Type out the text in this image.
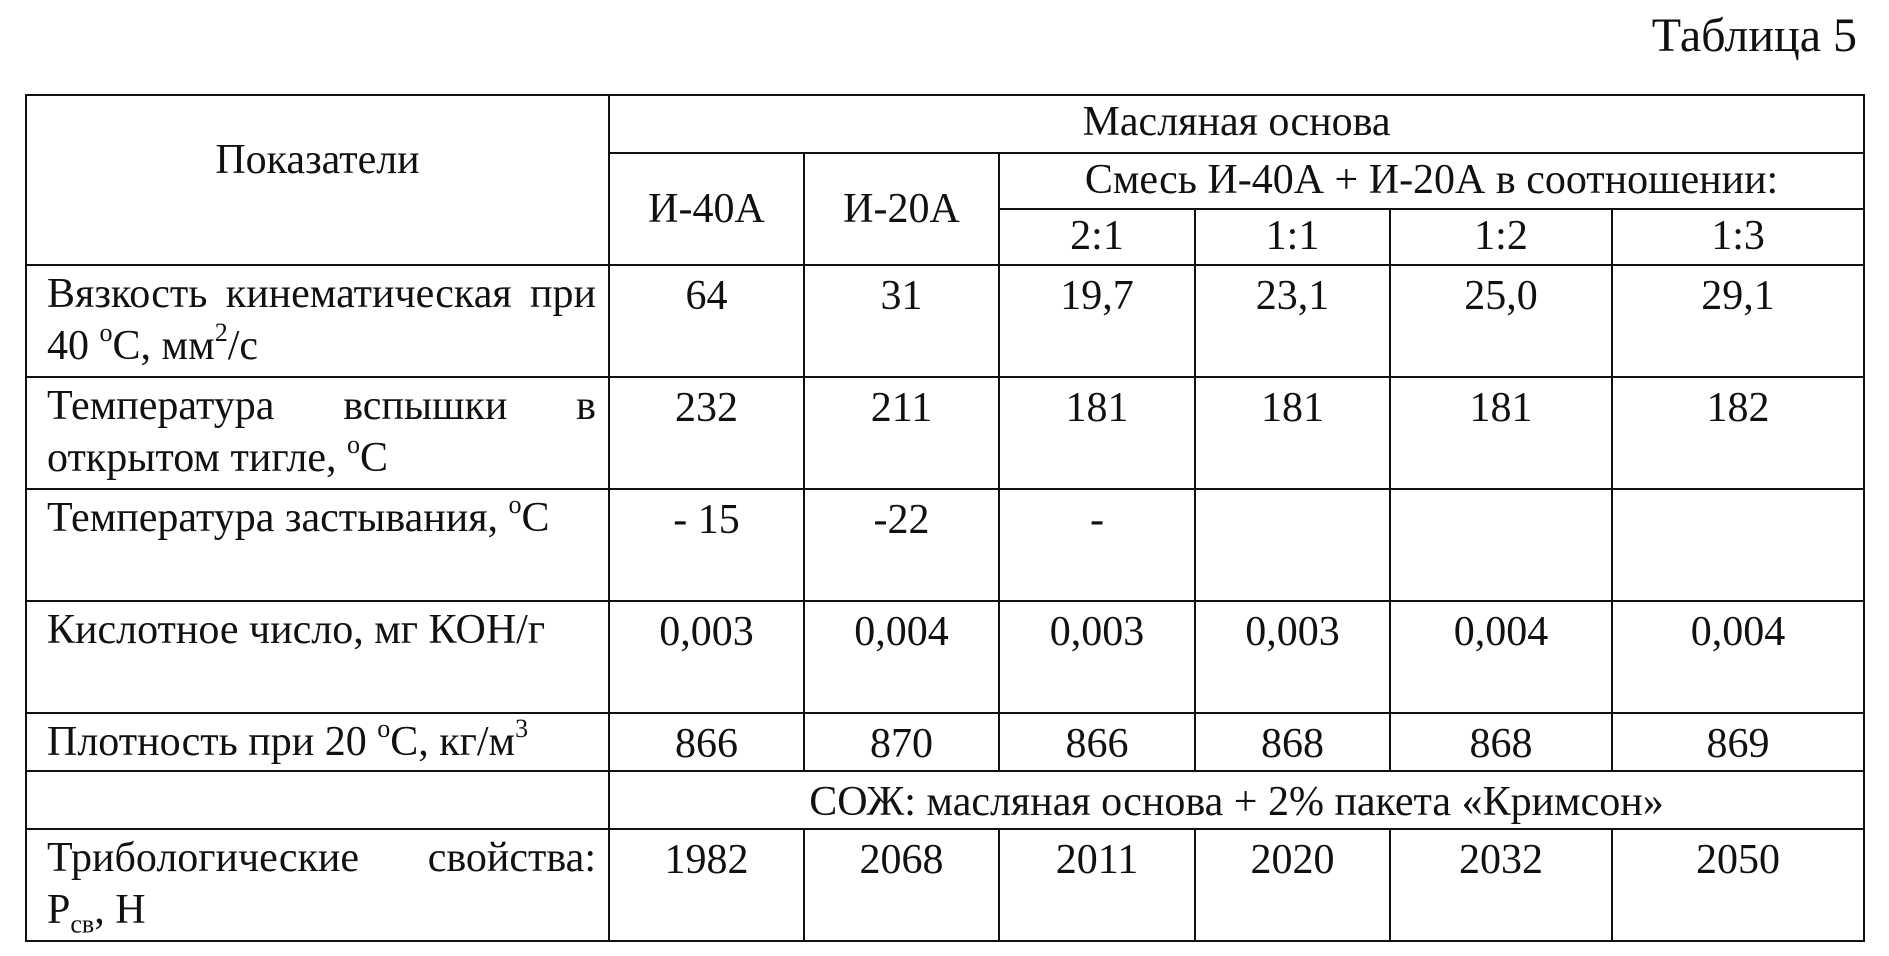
Таблица 5
Показатели	Масляная основа					
	И-40А	И-20А	Смесь И-40А + И-20А в соотношении:			
			2:1	1:1	1:2	1:3
Вязкость кинематическая при 40 $^о$С, $мм^2/с$	64	31	19,7	23,1	25,0	29,1
Температура вспышки в открытом тигле, $^о$С	232	211	181	181	181	182
Температура застывания, $^о$С	- 15	-22	-			
Кислотное число, мг КОН/г	0,003	0,004	0,003	0,003	0,004	0,004
Плотность при 20 $^о$С, $кг/м^3$	866	870	866	868	868	869
	СОЖ: масляная основа + 2% пакета «Кримсон»					
Трибологические свойства: $Р_{св}$, Н	1982	2068	2011	2020	2032	2050
